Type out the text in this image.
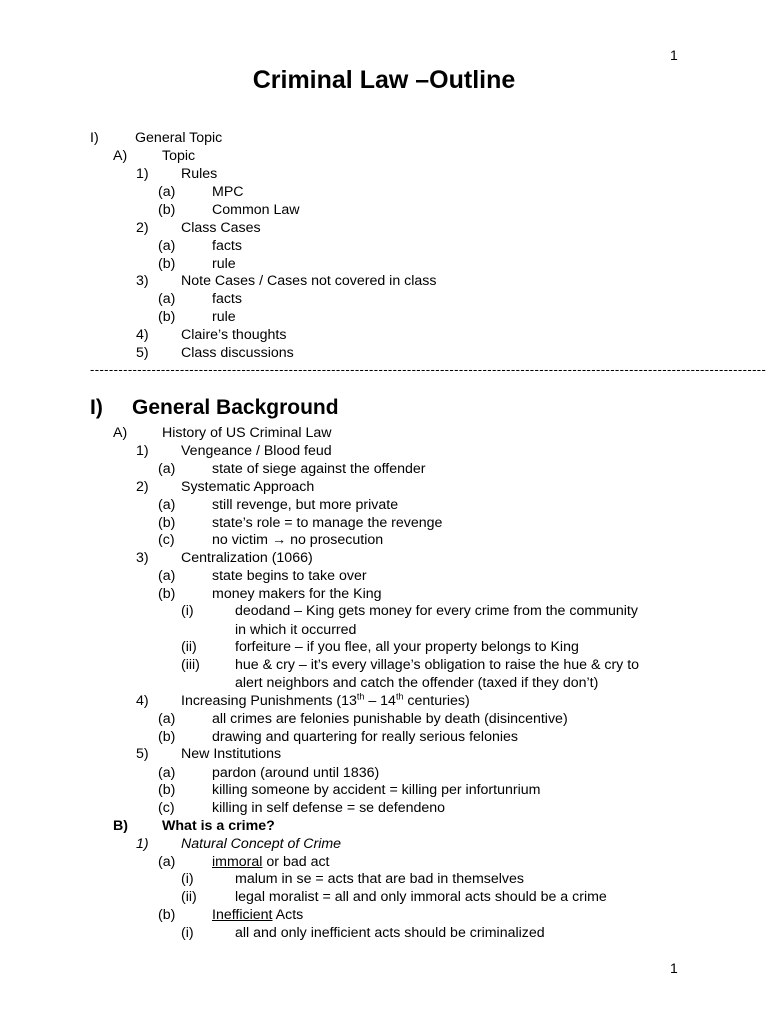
1
Criminal Law –Outline
I)	General Topic
A) Topic
1) Rules
(a)	MPC
(b)	Common Law
2) Class Cases
(a)	facts
(b)	rule
3) Note Cases / Cases not covered in class
(a)	facts
(b)	rule
4) Claire’s thoughts
5) Class discussions
-----------------------------------------------------------------------------------------------------------------------------------------------
I) General Background
A) History of US Criminal Law
1) Vengeance / Blood feud
(a)	state of siege against the offender
2) Systematic Approach
(a)	still revenge, but more private
(b)	state’s role = to manage the revenge
(c)	no victim → no prosecution
3) Centralization (1066)
(a)	state begins to take over
(b)	money makers for the King
(i)	deodand – King gets money for every crime from the community
in which it occurred
(ii)	forfeiture – if you flee, all your property belongs to King
(iii) hue & cry – it’s every village’s obligation to raise the hue & cry to
alert neighbors and catch the offender (taxed if they don’t)
4) Increasing Punishments (13th – 14th centuries)
(a)	all crimes are felonies punishable by death (disincentive)
(b)	drawing and quartering for really serious felonies
5) New Institutions
(a)	pardon (around until 1836)
(b)	killing someone by accident = killing per infortunrium
(c)	killing in self defense = se defendeno
B) What is a crime?
1) Natural Concept of Crime
(a)	immoral or bad act
(i)	malum in se = acts that are bad in themselves
(ii)	legal moralist = all and only immoral acts should be a crime
(b)	Inefficient Acts
(i)	all and only inefficient acts should be criminalized
1
